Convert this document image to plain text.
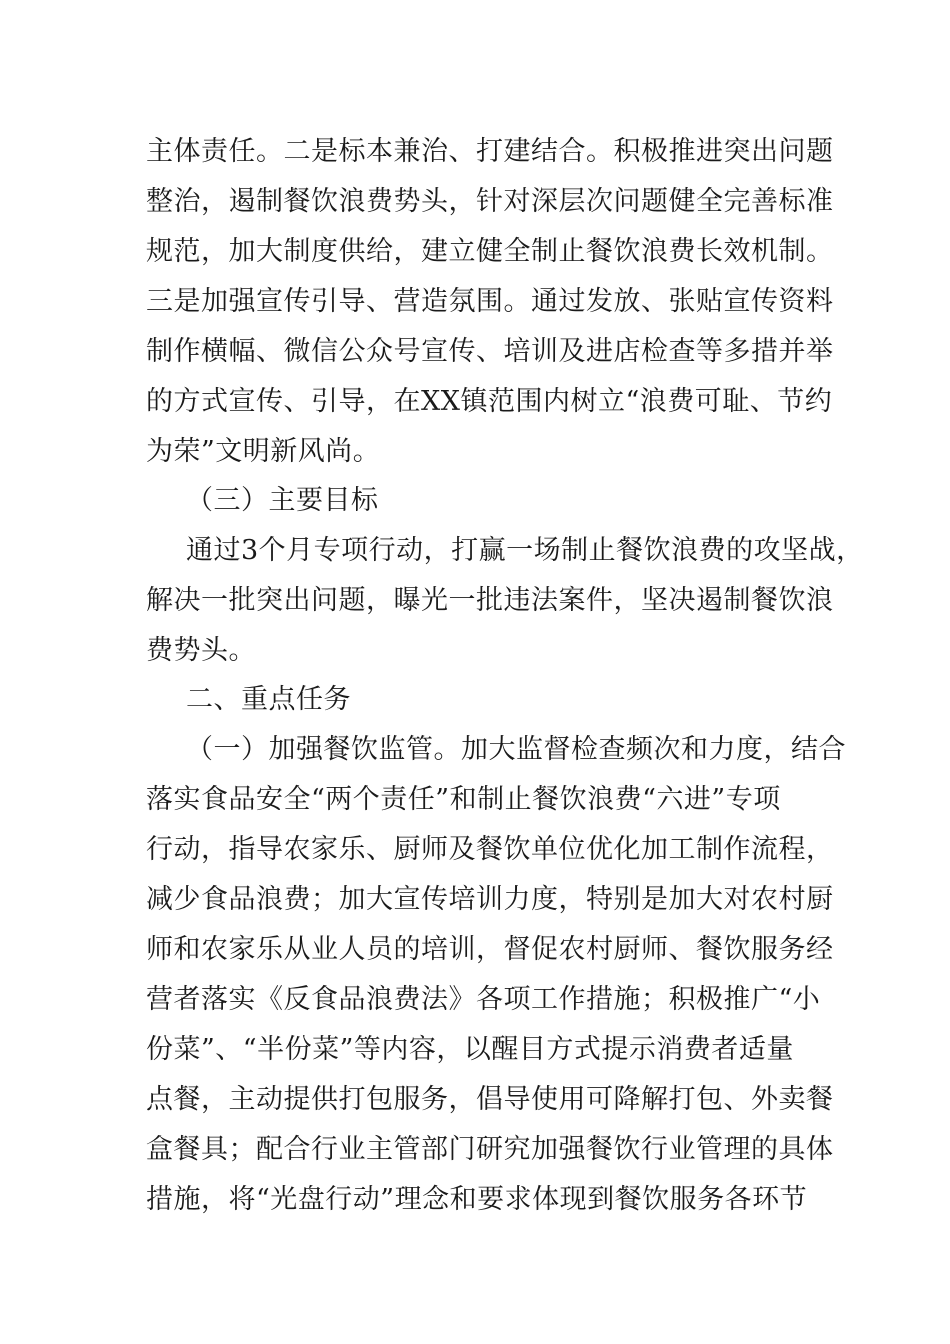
主体责任。二是标本兼治、打建结合。积极推进突出问题
整治，遏制餐饮浪费势头，针对深层次问题健全完善标准
规范，加大制度供给，建立健全制止餐饮浪费长效机制。
三是加强宣传引导、营造氛围。通过发放、张贴宣传资料
制作横幅、微信公众号宣传、培训及进店检查等多措并举
的方式宣传、引导，在XX镇范围内树立“浪费可耻、节约
为荣”文明新风尚。
（三）主要目标
通过3个月专项行动，打赢一场制止餐饮浪费的攻坚战，
解决一批突出问题，曝光一批违法案件，坚决遏制餐饮浪
费势头。
二、重点任务
（一）加强餐饮监管。加大监督检查频次和力度，结合
落实食品安全“两个责任”和制止餐饮浪费“六进”专项
行动，指导农家乐、厨师及餐饮单位优化加工制作流程，
减少食品浪费；加大宣传培训力度，特别是加大对农村厨
师和农家乐从业人员的培训，督促农村厨师、餐饮服务经
营者落实《反食品浪费法》各项工作措施；积极推广“小
份菜”、“半份菜”等内容，以醒目方式提示消费者适量
点餐，主动提供打包服务，倡导使用可降解打包、外卖餐
盒餐具；配合行业主管部门研究加强餐饮行业管理的具体
措施，将“光盘行动”理念和要求体现到餐饮服务各环节
